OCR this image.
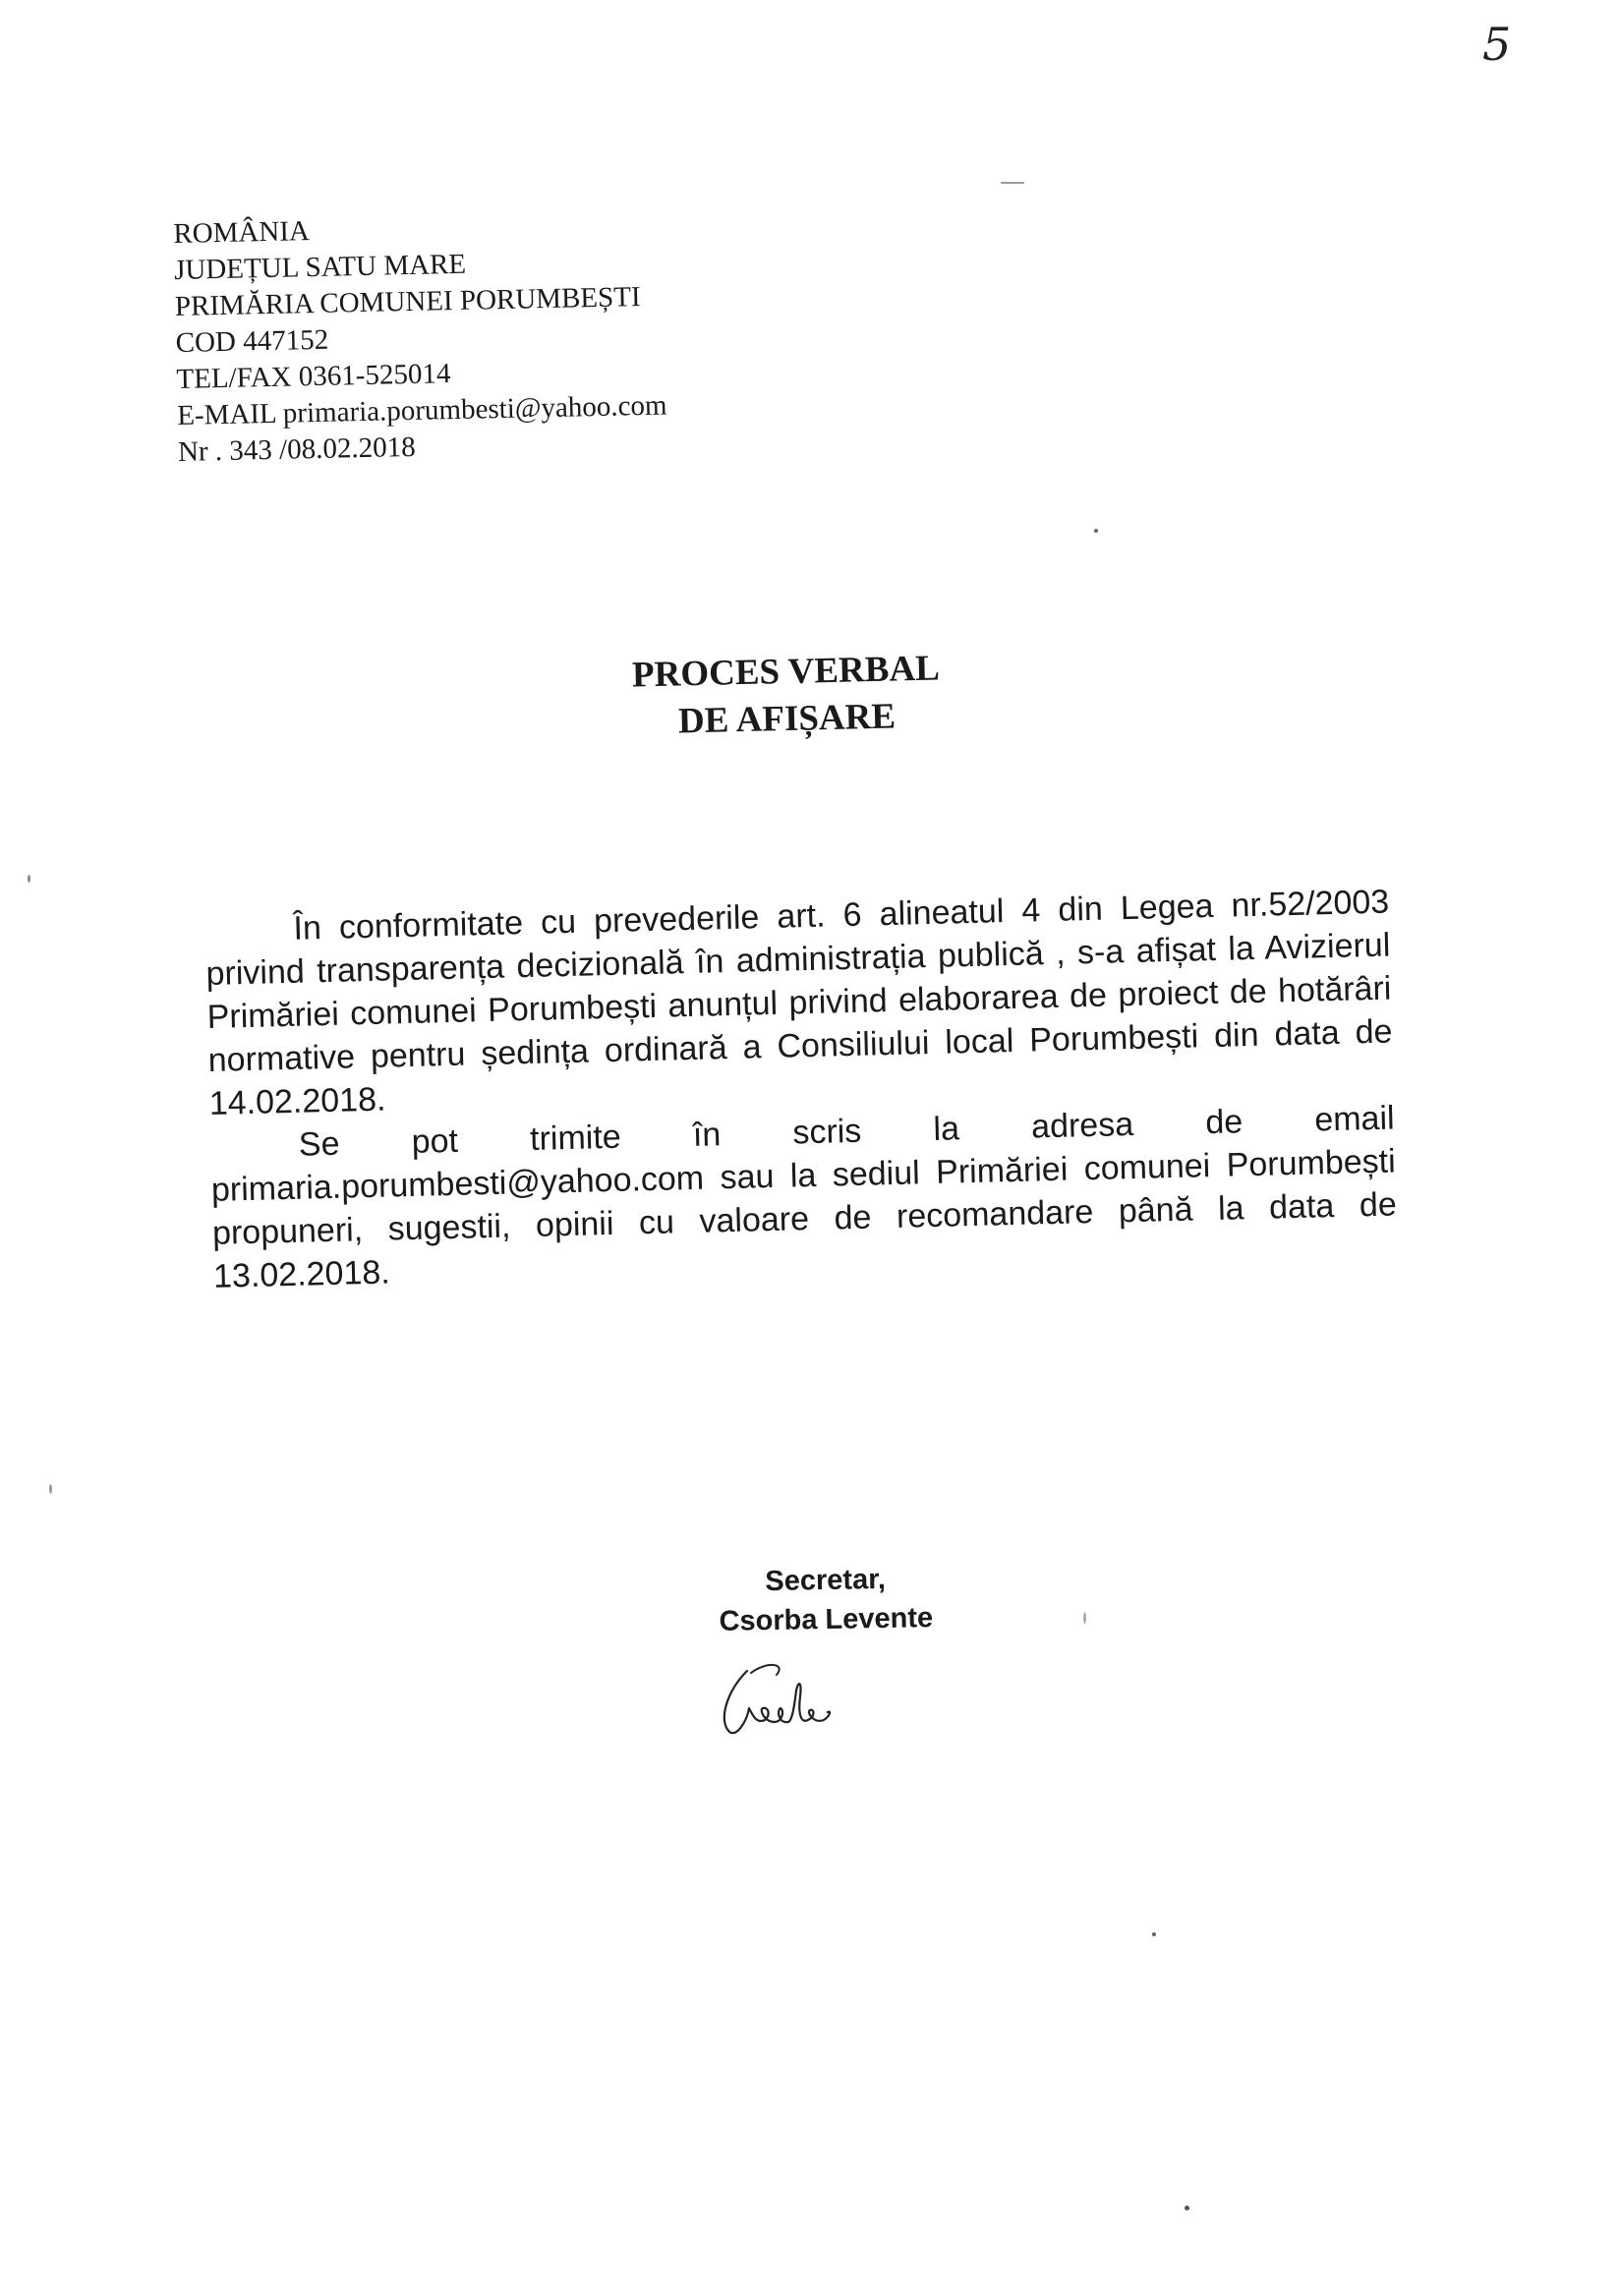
5
ROMÂNIA
JUDEȚUL SATU MARE
PRIMĂRIA COMUNEI PORUMBEȘTI
COD 447152
TEL/FAX 0361-525014
E-MAIL primaria.porumbesti@yahoo.com
Nr . 343 /08.02.2018
PROCES VERBAL
DE AFIȘARE

În conformitate cu prevederile art. 6 alineatul 4 din Legea nr.52/2003 privind transparența decizională în administrația publică , s-a afișat la Avizierul Primăriei comunei Porumbești anunțul privind elaborarea de proiect de hotărâri normative pentru ședința ordinară a Consiliului local Porumbești din data de 14.02.2018.

Se pot trimite în scris la adresa de email primaria.porumbesti@yahoo.com sau la sediul Primăriei comunei Porumbești propuneri, sugestii, opinii cu valoare de recomandare până la data de 13.02.2018.

Secretar,
Csorba Levente
